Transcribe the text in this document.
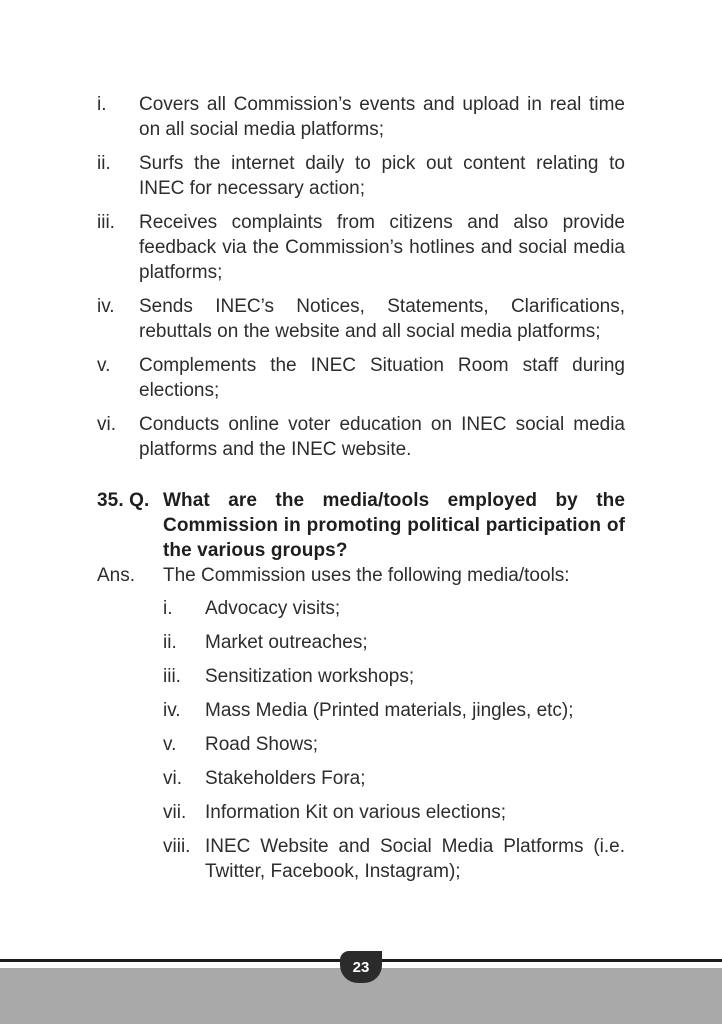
i.	Covers all Commission’s events and upload in real time on all social media platforms;
ii.	Surfs the internet daily to pick out content relating to INEC for necessary action;
iii.	Receives complaints from citizens and also provide feedback via the Commission’s hotlines and social media platforms;
iv.	Sends INEC’s Notices, Statements, Clarifications, rebuttals on the website and all social media platforms;
v.	Complements the INEC Situation Room staff during elections;
vi.	Conducts online voter education on INEC social media platforms and the INEC website.
35. Q. What are the media/tools employed by the Commission in promoting political participation of the various groups?
Ans.	The Commission uses the following media/tools:
i.	Advocacy visits;
ii.	Market outreaches;
iii.	Sensitization workshops;
iv.	Mass Media (Printed materials, jingles, etc);
v.	Road Shows;
vi.	Stakeholders Fora;
vii. Information Kit on various elections;
viii. INEC Website and Social Media Platforms (i.e. Twitter, Facebook, Instagram);
23
